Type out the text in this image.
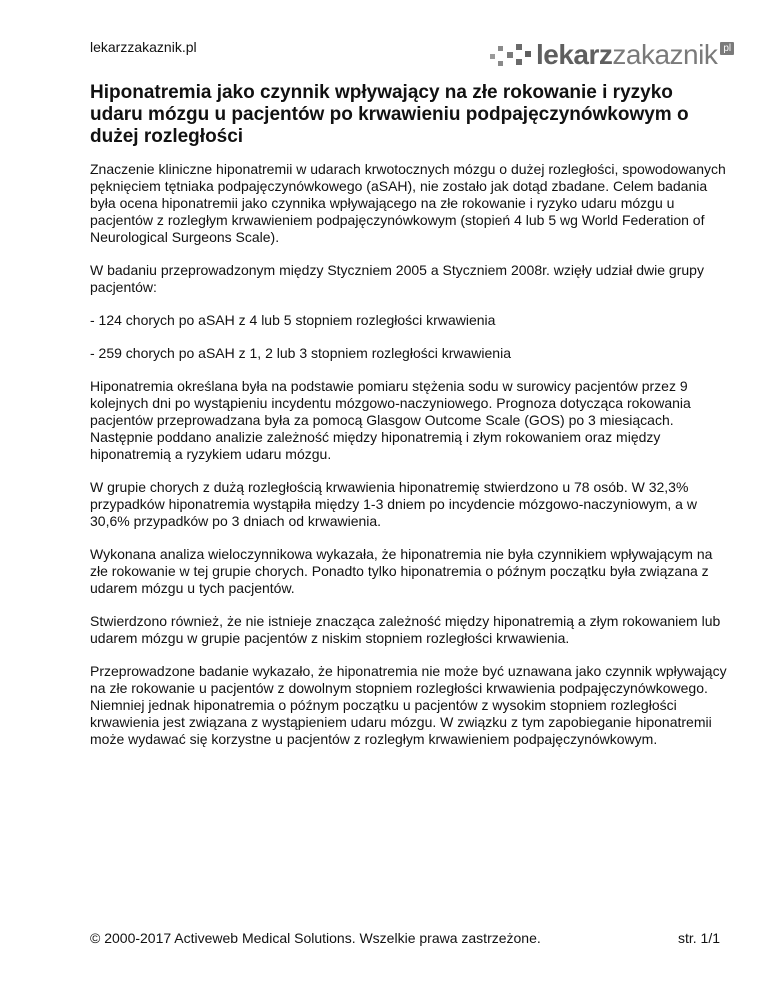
lekarzzakaznik.pl	lekarzzakaznik pl
Hiponatremia jako czynnik wpływający na złe rokowanie i ryzyko udaru mózgu u pacjentów po krwawieniu podpajęczynówkowym o dużej rozległości

Znaczenie kliniczne hiponatremii w udarach krwotocznych mózgu o dużej rozległości, spowodowanych pęknięciem tętniaka podpajęczynówkowego (aSAH), nie zostało jak dotąd zbadane. Celem badania była ocena hiponatremii jako czynnika wpływającego na złe rokowanie i ryzyko udaru mózgu u pacjentów z rozległym krwawieniem podpajęczynówkowym (stopień 4 lub 5 wg World Federation of Neurological Surgeons Scale).

W badaniu przeprowadzonym między Styczniem 2005 a Styczniem 2008r. wzięły udział dwie grupy pacjentów:

- 124 chorych po aSAH z 4 lub 5 stopniem rozległości krwawienia

- 259 chorych po aSAH z 1, 2 lub 3 stopniem rozległości krwawienia

Hiponatremia określana była na podstawie pomiaru stężenia sodu w surowicy pacjentów przez 9 kolejnych dni po wystąpieniu incydentu mózgowo-naczyniowego. Prognoza dotycząca rokowania pacjentów przeprowadzana była za pomocą Glasgow Outcome Scale (GOS) po 3 miesiącach. Następnie poddano analizie zależność między hiponatremią i złym rokowaniem oraz między hiponatremią a ryzykiem udaru mózgu.

W grupie chorych z dużą rozległością krwawienia hiponatremię stwierdzono u 78 osób. W 32,3% przypadków hiponatremia wystąpiła między 1-3 dniem po incydencie mózgowo-naczyniowym, a w 30,6% przypadków po 3 dniach od krwawienia.

Wykonana analiza wieloczynnikowa wykazała, że hiponatremia nie była czynnikiem wpływającym na złe rokowanie w tej grupie chorych. Ponadto tylko hiponatremia o późnym początku była związana z udarem mózgu u tych pacjentów.

Stwierdzono również, że nie istnieje znacząca zależność między hiponatremią a złym rokowaniem lub udarem mózgu w grupie pacjentów z niskim stopniem rozległości krwawienia.

Przeprowadzone badanie wykazało, że hiponatremia nie może być uznawana jako czynnik wpływający na złe rokowanie u pacjentów z dowolnym stopniem rozległości krwawienia podpajęczynówkowego. Niemniej jednak hiponatremia o późnym początku u pacjentów z wysokim stopniem rozległości krwawienia jest związana z wystąpieniem udaru mózgu. W związku z tym zapobieganie hiponatremii może wydawać się korzystne u pacjentów z rozległym krwawieniem podpajęczynówkowym.

© 2000-2017 Activeweb Medical Solutions. Wszelkie prawa zastrzeżone.	str. 1/1
